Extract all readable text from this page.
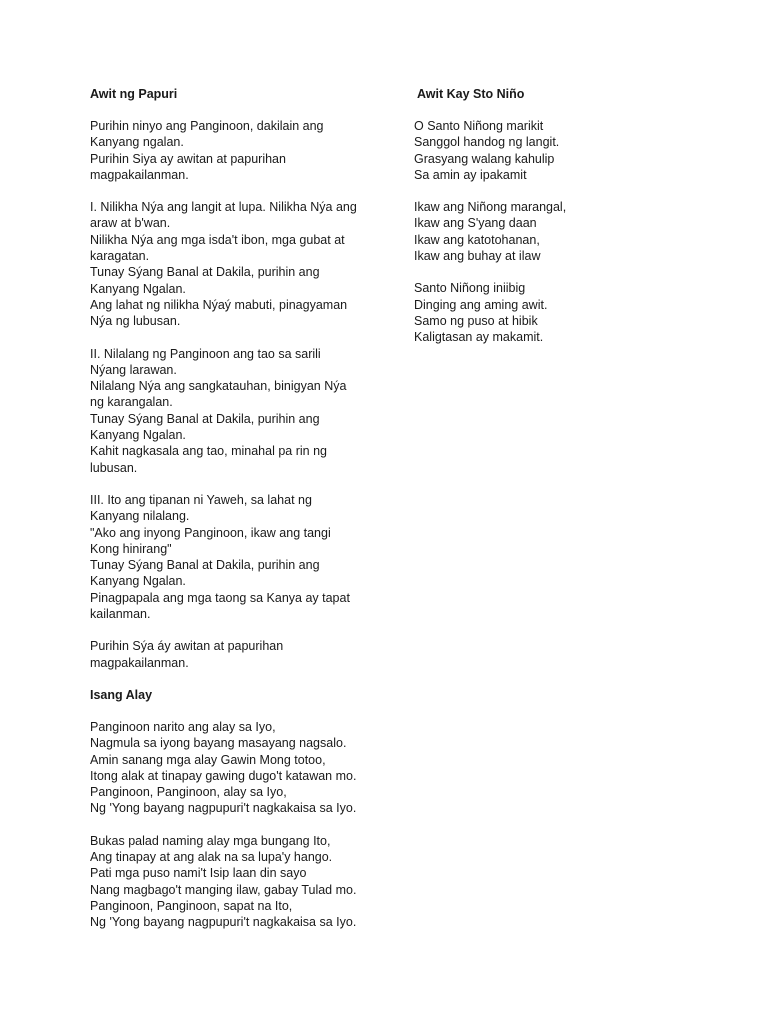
Awit ng Papuri
Purihin ninyo ang Panginoon, dakilain ang
Kanyang ngalan.
Purihin Siya ay awitan at papurihan
magpakailanman.
I. Nilikha Nýa ang langit at lupa. Nilikha Nýa ang
araw at b'wan.
Nilikha Nýa ang mga isda't ibon, mga gubat at
karagatan.
Tunay Sýang Banal at Dakila, purihin ang
Kanyang Ngalan.
Ang lahat ng nilikha Nýaý mabuti, pinagyaman
Nýa ng lubusan.
II. Nilalang ng Panginoon ang tao sa sarili
Nýang larawan.
Nilalang Nýa ang sangkatauhan, binigyan Nýa
ng karangalan.
Tunay Sýang Banal at Dakila, purihin ang
Kanyang Ngalan.
Kahit nagkasala ang tao, minahal pa rin ng
lubusan.
III. Ito ang tipanan ni Yaweh, sa lahat ng
Kanyang nilalang.
"Ako ang inyong Panginoon, ikaw ang tangi
Kong hinirang"
Tunay Sýang Banal at Dakila, purihin ang
Kanyang Ngalan.
Pinagpapala ang mga taong sa Kanya ay tapat
kailanman.
Purihin Sýa áy awitan at papurihan
magpakailanman.
Isang Alay
Panginoon narito ang alay sa Iyo,
Nagmula sa iyong bayang masayang nagsalo.
Amin sanang mga alay Gawin Mong totoo,
Itong alak at tinapay gawing dugo't katawan mo.
Panginoon, Panginoon, alay sa Iyo,
Ng 'Yong bayang nagpupuri't nagkakaisa sa Iyo.
Bukas palad naming alay mga bungang Ito,
Ang tinapay at ang alak na sa lupa'y hango.
Pati mga puso nami't Isip laan din sayo
Nang magbago't manging ilaw, gabay Tulad mo.
Panginoon, Panginoon, sapat na Ito,
Ng 'Yong bayang nagpupuri't nagkakaisa sa Iyo.
Awit Kay Sto Niño
O Santo Niñong marikit
Sanggol handog ng langit.
Grasyang walang kahulip
Sa amin ay ipakamit
Ikaw ang Niñong marangal,
Ikaw ang S'yang daan
Ikaw ang katotohanan,
Ikaw ang buhay at ilaw
Santo Niñong iniibig
Dinging ang aming awit.
Samo ng puso at hibik
Kaligtasan ay makamit.
